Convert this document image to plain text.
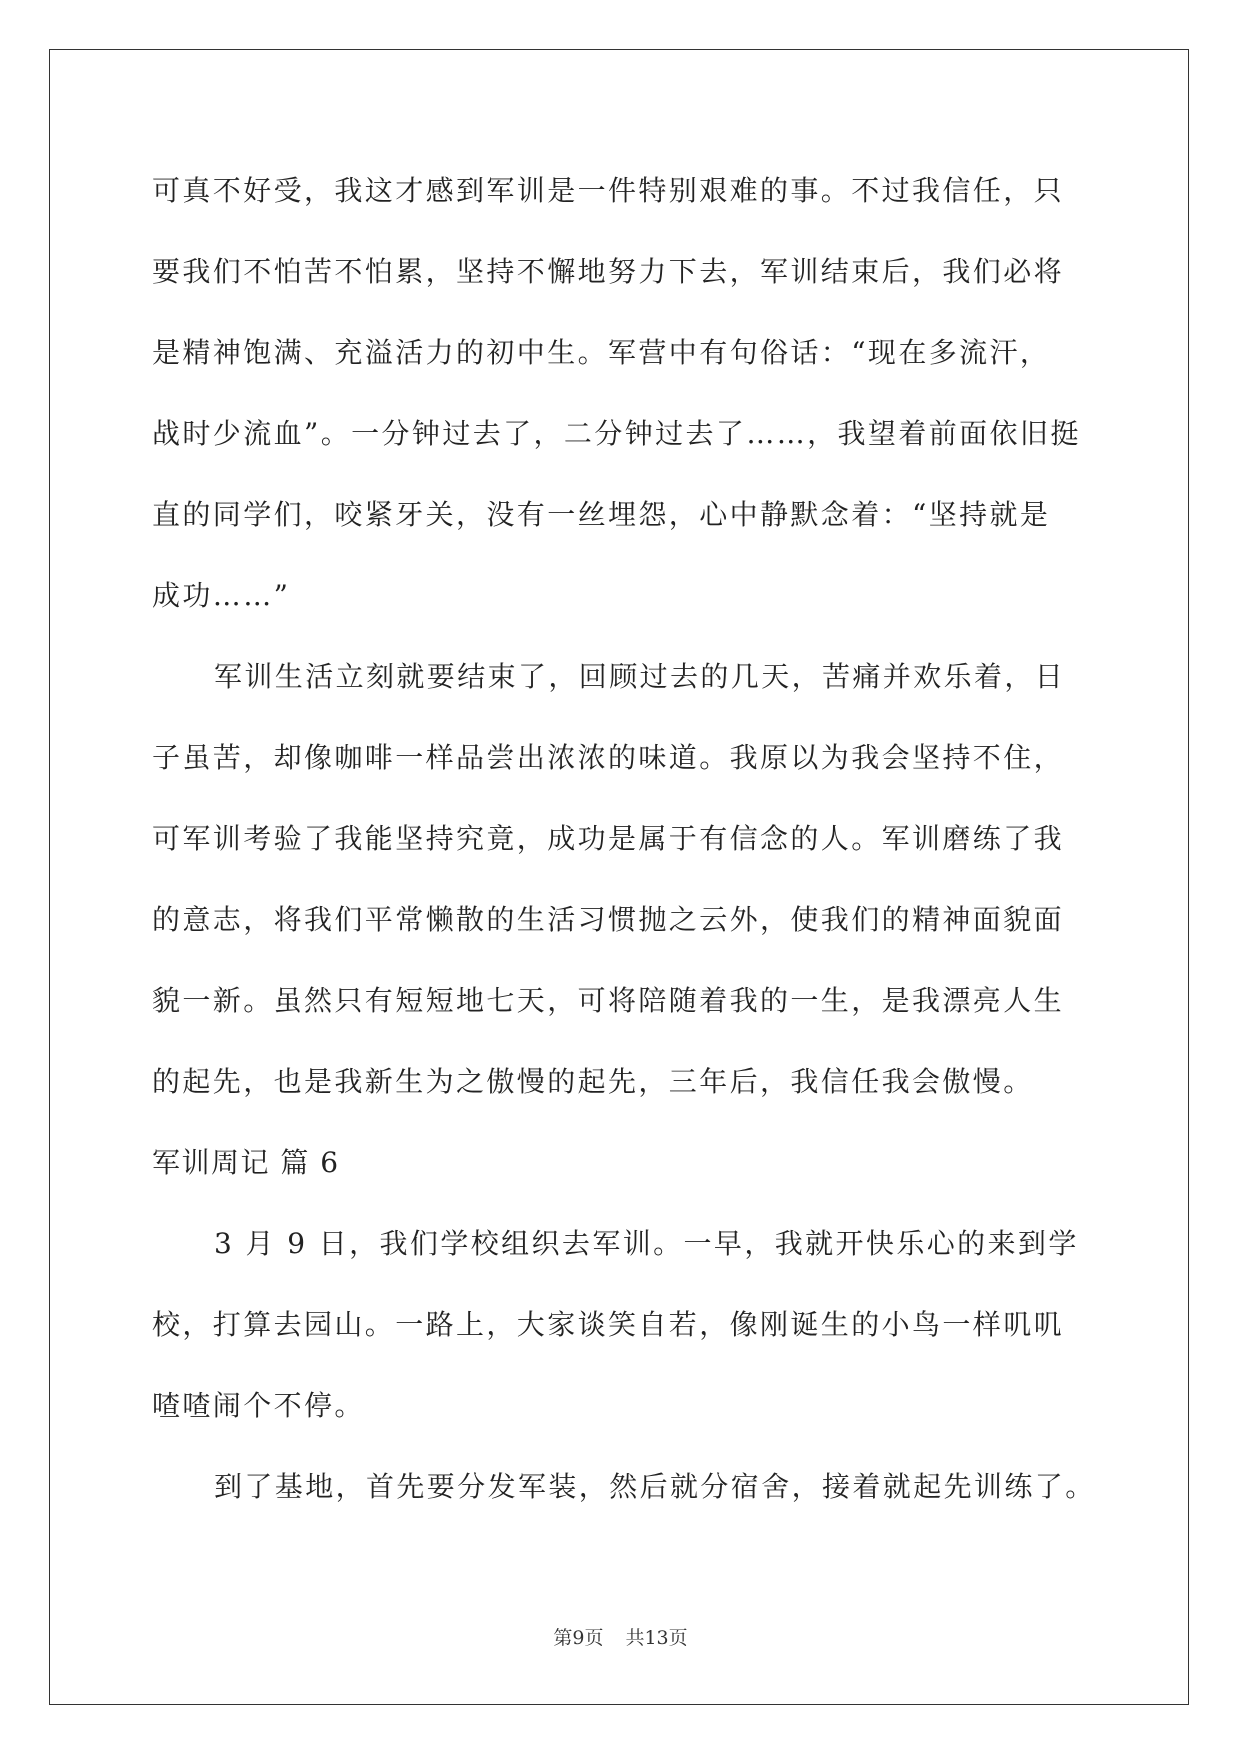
可真不好受，我这才感到军训是一件特别艰难的事。不过我信任，只
要我们不怕苦不怕累，坚持不懈地努力下去，军训结束后，我们必将
是精神饱满、充溢活力的初中生。军营中有句俗话：“现在多流汗，
战时少流血”。一分钟过去了，二分钟过去了……，我望着前面依旧挺
直的同学们，咬紧牙关，没有一丝埋怨，心中静默念着：“坚持就是
成功……”
军训生活立刻就要结束了，回顾过去的几天，苦痛并欢乐着，日
子虽苦，却像咖啡一样品尝出浓浓的味道。我原以为我会坚持不住，
可军训考验了我能坚持究竟，成功是属于有信念的人。军训磨练了我
的意志，将我们平常懒散的生活习惯抛之云外，使我们的精神面貌面
貌一新。虽然只有短短地七天，可将陪随着我的一生，是我漂亮人生
的起先，也是我新生为之傲慢的起先，三年后，我信任我会傲慢。
军训周记 篇 6
3 月 9 日，我们学校组织去军训。一早，我就开快乐心的来到学
校，打算去园山。一路上，大家谈笑自若，像刚诞生的小鸟一样叽叽
喳喳闹个不停。
到了基地，首先要分发军装，然后就分宿舍，接着就起先训练了。
第9页 共13页
